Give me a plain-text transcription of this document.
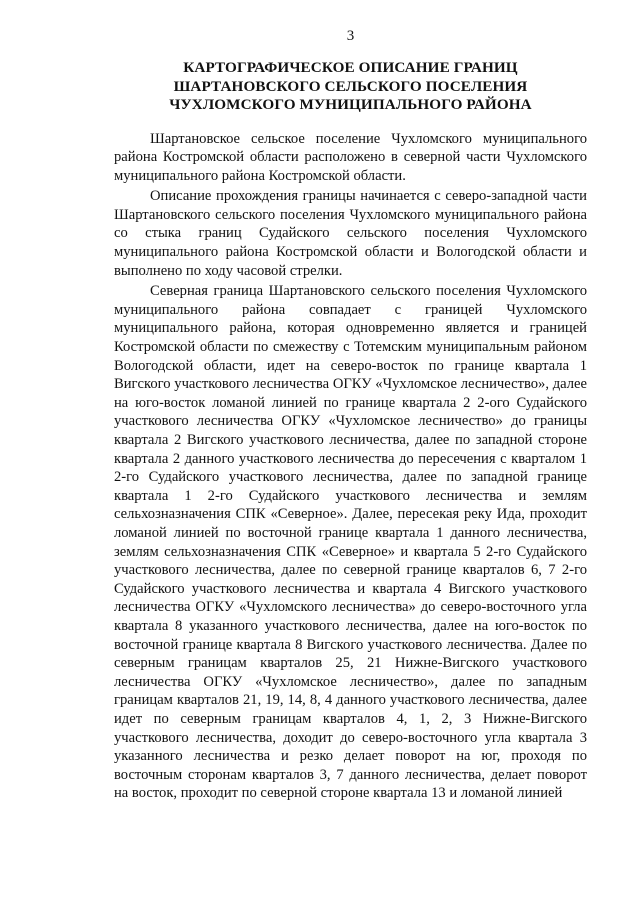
3
КАРТОГРАФИЧЕСКОЕ ОПИСАНИЕ ГРАНИЦ
ШАРТАНОВСКОГО СЕЛЬСКОГО ПОСЕЛЕНИЯ
ЧУХЛОМСКОГО МУНИЦИПАЛЬНОГО РАЙОНА

Шартановское сельское поселение Чухломского муниципального района Костромской области расположено в северной части Чухломского муниципального района Костромской области.

Описание прохождения границы начинается с северо-западной части Шартановского сельского поселения Чухломского муниципального района со стыка границ Судайского сельского поселения Чухломского муниципального района Костромской области и Вологодской области и выполнено по ходу часовой стрелки.

Северная граница Шартановского сельского поселения Чухломского муниципального района совпадает с границей Чухломского муниципального района, которая одновременно является и границей Костромской области по смежеству с Тотемским муниципальным районом Вологодской области, идет на северо-восток по границе квартала 1 Вигского участкового лесничества ОГКУ «Чухломское лесничество», далее на юго-восток ломаной линией по границе квартала 2 2-ого Судайского участкового лесничества ОГКУ «Чухломское лесничество» до границы квартала 2 Вигского участкового лесничества, далее по западной стороне квартала 2 данного участкового лесничества до пересечения с кварталом 1 2-го Судайского участкового лесничества, далее по западной границе квартала 1 2-го Судайского участкового лесничества и землям сельхозназначения СПК «Северное». Далее, пересекая реку Ида, проходит ломаной линией по восточной границе квартала 1 данного лесничества, землям сельхозназначения СПК «Северное» и квартала 5 2-го Судайского участкового лесничества, далее по северной границе кварталов 6, 7 2-го Судайского участкового лесничества и квартала 4 Вигского участкового лесничества ОГКУ «Чухломского лесничества» до северо-восточного угла квартала 8 указанного участкового лесничества, далее на юго-восток по восточной границе квартала 8 Вигского участкового лесничества. Далее по северным границам кварталов 25, 21 Нижне-Вигского участкового лесничества ОГКУ «Чухломское лесничество», далее по западным границам кварталов 21, 19, 14, 8, 4 данного участкового лесничества, далее идет по северным границам кварталов 4, 1, 2, 3 Нижне-Вигского участкового лесничества, доходит до северо-восточного угла квартала 3 указанного лесничества и резко делает поворот на юг, проходя по восточным сторонам кварталов 3, 7 данного лесничества, делает поворот на восток, проходит по северной стороне квартала 13 и ломаной линией
